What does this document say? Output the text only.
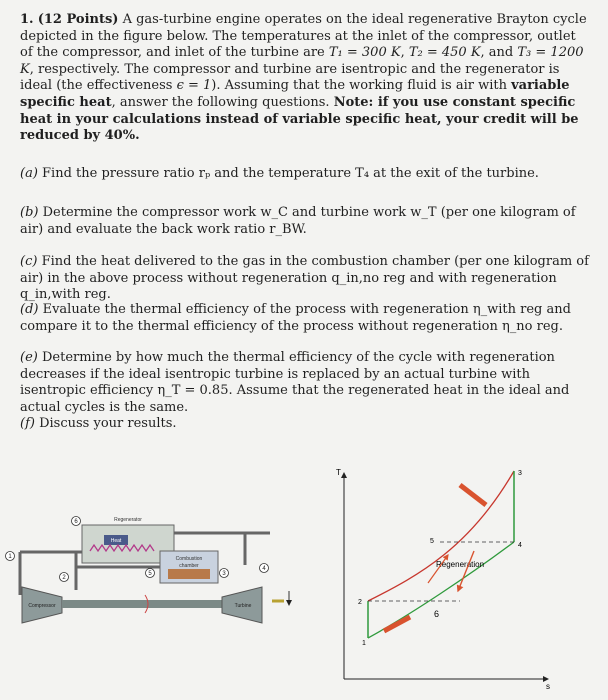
1. (12 Points) A gas-turbine engine operates on the ideal regenerative Brayton cycle depicted in the figure below. The temperatures at the inlet of the compressor, outlet of the compressor, and inlet of the turbine are T₁ = 300 K, T₂ = 450 K, and T₃ = 1200 K, respectively. The compressor and turbine are isentropic and the regenerator is ideal (the effectiveness ϵ = 1). Assuming that the working fluid is air with variable specific heat, answer the following questions. Note: if you use constant specific heat in your calculations instead of variable specific heat, your credit will be reduced by 40%.

(a) Find the pressure ratio rₚ and the temperature T₄ at the exit of the turbine.

(b) Determine the compressor work w_C and turbine work w_T (per one kilogram of air) and evaluate the back work ratio r_BW.

(c) Find the heat delivered to the gas in the combustion chamber (per one kilogram of air) in the above process without regeneration q_in,no reg and with regeneration q_in,with reg.

(d) Evaluate the thermal efficiency of the process with regeneration η_with reg and compare it to the thermal efficiency of the process without regeneration η_no reg.

(e) Determine by how much the thermal efficiency of the cycle with regeneration decreases if the ideal isentropic turbine is replaced by an actual turbine with isentropic efficiency η_T = 0.85. Assume that the regenerated heat in the ideal and actual cycles is the same.

(f) Discuss your results.

Regenerator
Heat
Combustion
chamber
Compressor	Turbine
6
1
2
5	3
4
T
s
1
2
3
4
5
6
Regeneration
